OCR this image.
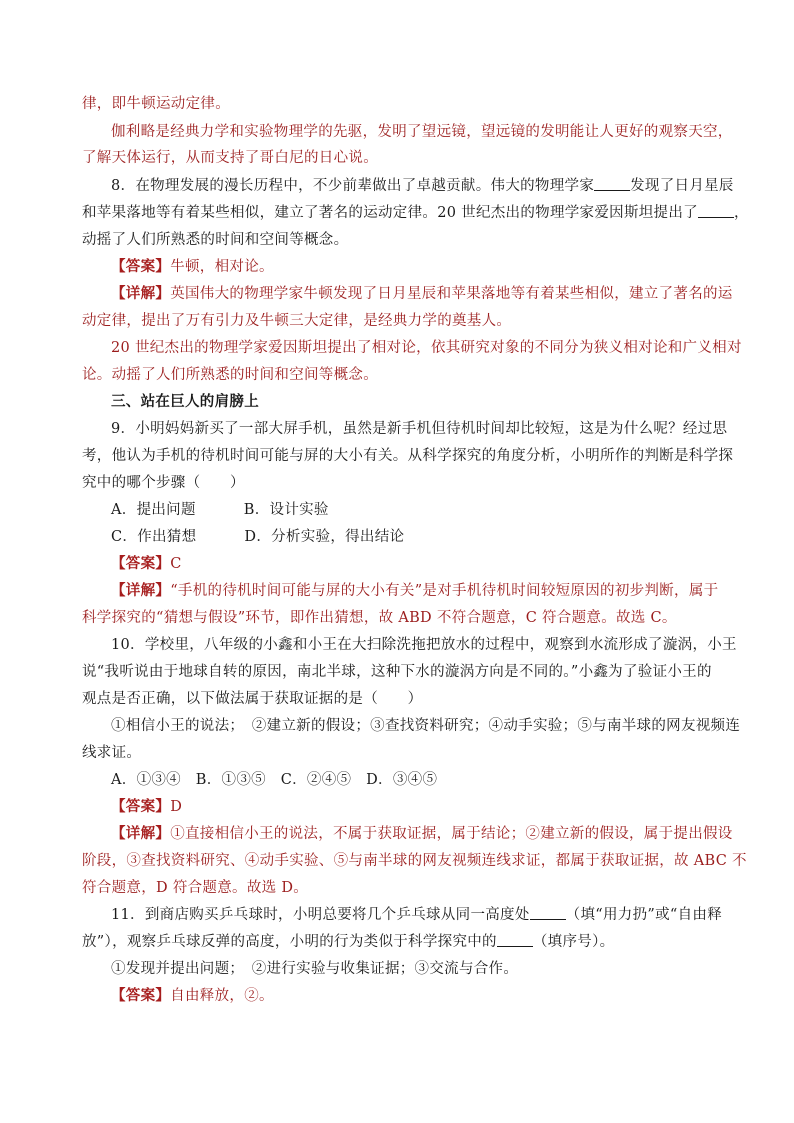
律，即牛顿运动定律。
伽利略是经典力学和实验物理学的先驱，发明了望远镜，望远镜的发明能让人更好的观察天空，
了解天体运行，从而支持了哥白尼的日心说。
8．在物理发展的漫长历程中，不少前辈做出了卓越贡献。伟大的物理学家 发现了日月星辰
和苹果落地等有着某些相似，建立了著名的运动定律。20 世纪杰出的物理学家爱因斯坦提出了 ，
动摇了人们所熟悉的时间和空间等概念。
【答案】牛顿，相对论。
【详解】英国伟大的物理学家牛顿发现了日月星辰和苹果落地等有着某些相似，建立了著名的运
动定律，提出了万有引力及牛顿三大定律，是经典力学的奠基人。
20 世纪杰出的物理学家爱因斯坦提出了相对论，依其研究对象的不同分为狭义相对论和广义相对
论。动摇了人们所熟悉的时间和空间等概念。
三、站在巨人的肩膀上
9．小明妈妈新买了一部大屏手机，虽然是新手机但待机时间却比较短，这是为什么呢？经过思
考，他认为手机的待机时间可能与屏的大小有关。从科学探究的角度分析，小明所作的判断是科学探
究中的哪个步骤（　　）
A．提出问题	B．设计实验
C．作出猜想	D．分析实验，得出结论
【答案】C
【详解】“手机的待机时间可能与屏的大小有关”是对手机待机时间较短原因的初步判断，属于
科学探究的“猜想与假设”环节，即作出猜想，故 ABD 不符合题意，C 符合题意。故选 C。
10．学校里，八年级的小鑫和小王在大扫除洗拖把放水的过程中，观察到水流形成了漩涡，小王
说“我听说由于地球自转的原因，南北半球，这种下水的漩涡方向是不同的。”小鑫为了验证小王的
观点是否正确，以下做法属于获取证据的是（　　）
①相信小王的说法；　②建立新的假设；③查找资料研究；④动手实验；⑤与南半球的网友视频连
线求证。
A．①③④　B．①③⑤　C．②④⑤　D．③④⑤
【答案】D
【详解】①直接相信小王的说法，不属于获取证据，属于结论；②建立新的假设，属于提出假设
阶段，③查找资料研究、④动手实验、⑤与南半球的网友视频连线求证，都属于获取证据，故 ABC 不
符合题意，D 符合题意。故选 D。
11．到商店购买乒乓球时，小明总要将几个乒乓球从同一高度处 （填“用力扔”或“自由释
放”），观察乒乓球反弹的高度，小明的行为类似于科学探究中的 （填序号）。
①发现并提出问题；　②进行实验与收集证据；③交流与合作。
【答案】自由释放，②。
